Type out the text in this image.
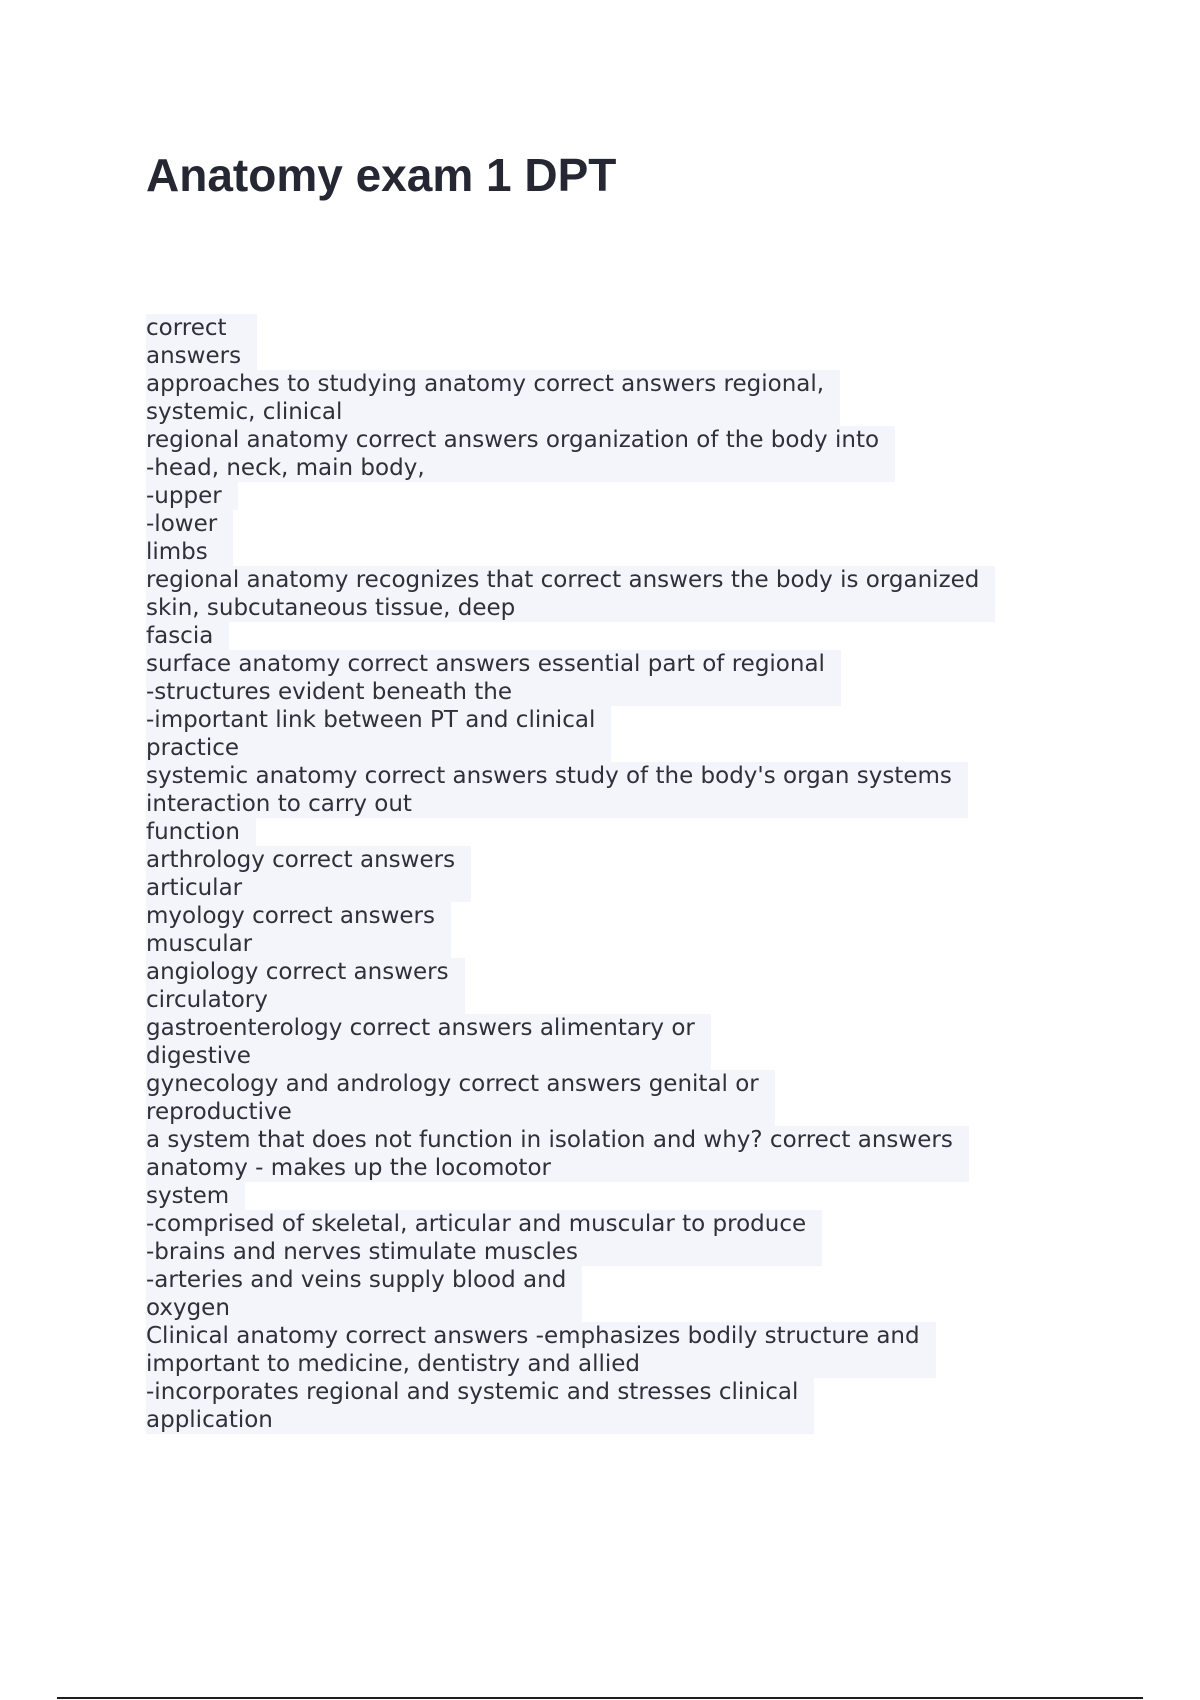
Anatomy exam 1 DPT
correct
answers
approaches to studying anatomy correct answers regional,
systemic, clinical
regional anatomy correct answers organization of the body into
-head, neck, main body,
-upper
-lower
limbs
regional anatomy recognizes that correct answers the body is organized
skin, subcutaneous tissue, deep
fascia
surface anatomy correct answers essential part of regional
-structures evident beneath the
-important link between PT and clinical
practice
systemic anatomy correct answers study of the body's organ systems
interaction to carry out
function
arthrology correct answers
articular
myology correct answers
muscular
angiology correct answers
circulatory
gastroenterology correct answers alimentary or
digestive
gynecology and andrology correct answers genital or
reproductive
a system that does not function in isolation and why? correct answers
anatomy - makes up the locomotor
system
-comprised of skeletal, articular and muscular to produce
-brains and nerves stimulate muscles
-arteries and veins supply blood and
oxygen
Clinical anatomy correct answers -emphasizes bodily structure and
important to medicine, dentistry and allied
-incorporates regional and systemic and stresses clinical
application
